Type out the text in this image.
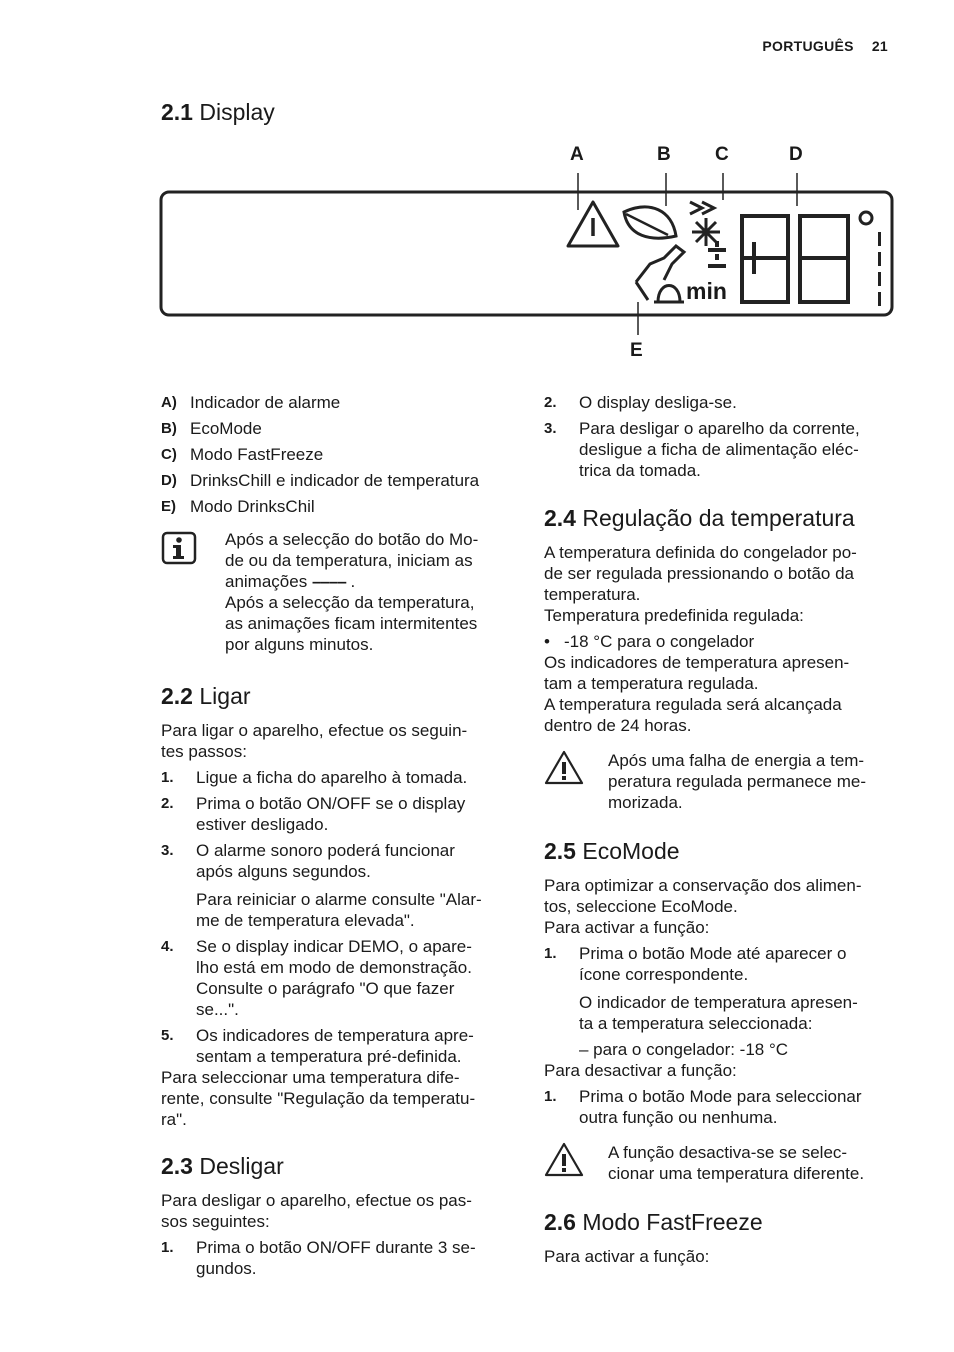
PORTUGUÊS 21
2.1 Display
A	B C	D
E
min
A) Indicador de alarme
B) EcoMode
C) Modo FastFreeze
D) DrinksChill e indicador de temperatura
E) Modo DrinksChil
Após a selecção do botão do Mo-
de ou da temperatura, iniciam as
animações –––– .
Após a selecção da temperatura,
as animações ficam intermitentes
por alguns minutos.
2.2 Ligar

Para ligar o aparelho, efectue os seguin-

tes passos:

1.	Ligue a ficha do aparelho à tomada.
2.	Prima o botão ON/OFF se o display
estiver desligado.
3.	O alarme sonoro poderá funcionar
após alguns segundos.
Para reiniciar o alarme consulte "Alar-
me de temperatura elevada".
4.	Se o display indicar DEMO, o apare-
lho está em modo de demonstração.
Consulte o parágrafo "O que fazer
se...".
5.	Os indicadores de temperatura apre-
sentam a temperatura pré-definida.

Para seleccionar uma temperatura dife-

rente, consulte "Regulação da temperatu-

ra".

2.3 Desligar

Para desligar o aparelho, efectue os pas-

sos seguintes:

1.	Prima o botão ON/OFF durante 3 se-
gundos.
2.	O display desliga-se.
3.	Para desligar o aparelho da corrente,
desligue a ficha de alimentação eléc-
trica da tomada.
2.4 Regulação da temperatura

A temperatura definida do congelador po-

de ser regulada pressionando o botão da

temperatura.

Temperatura predefinida regulada:

• -18 °C para o congelador

Os indicadores de temperatura apresen-

tam a temperatura regulada.

A temperatura regulada será alcançada

dentro de 24 horas.

Após uma falha de energia a tem-
peratura regulada permanece me-
morizada.
2.5 EcoMode

Para optimizar a conservação dos alimen-

tos, seleccione EcoMode.

Para activar a função:

1.	Prima o botão Mode até aparecer o
ícone correspondente.
O indicador de temperatura apresen-
ta a temperatura seleccionada:
– para o congelador: -18 °C

Para desactivar a função:

1.	Prima o botão Mode para seleccionar
outra função ou nenhuma.
A função desactiva-se se selec-
cionar uma temperatura diferente.
2.6 Modo FastFreeze

Para activar a função:
